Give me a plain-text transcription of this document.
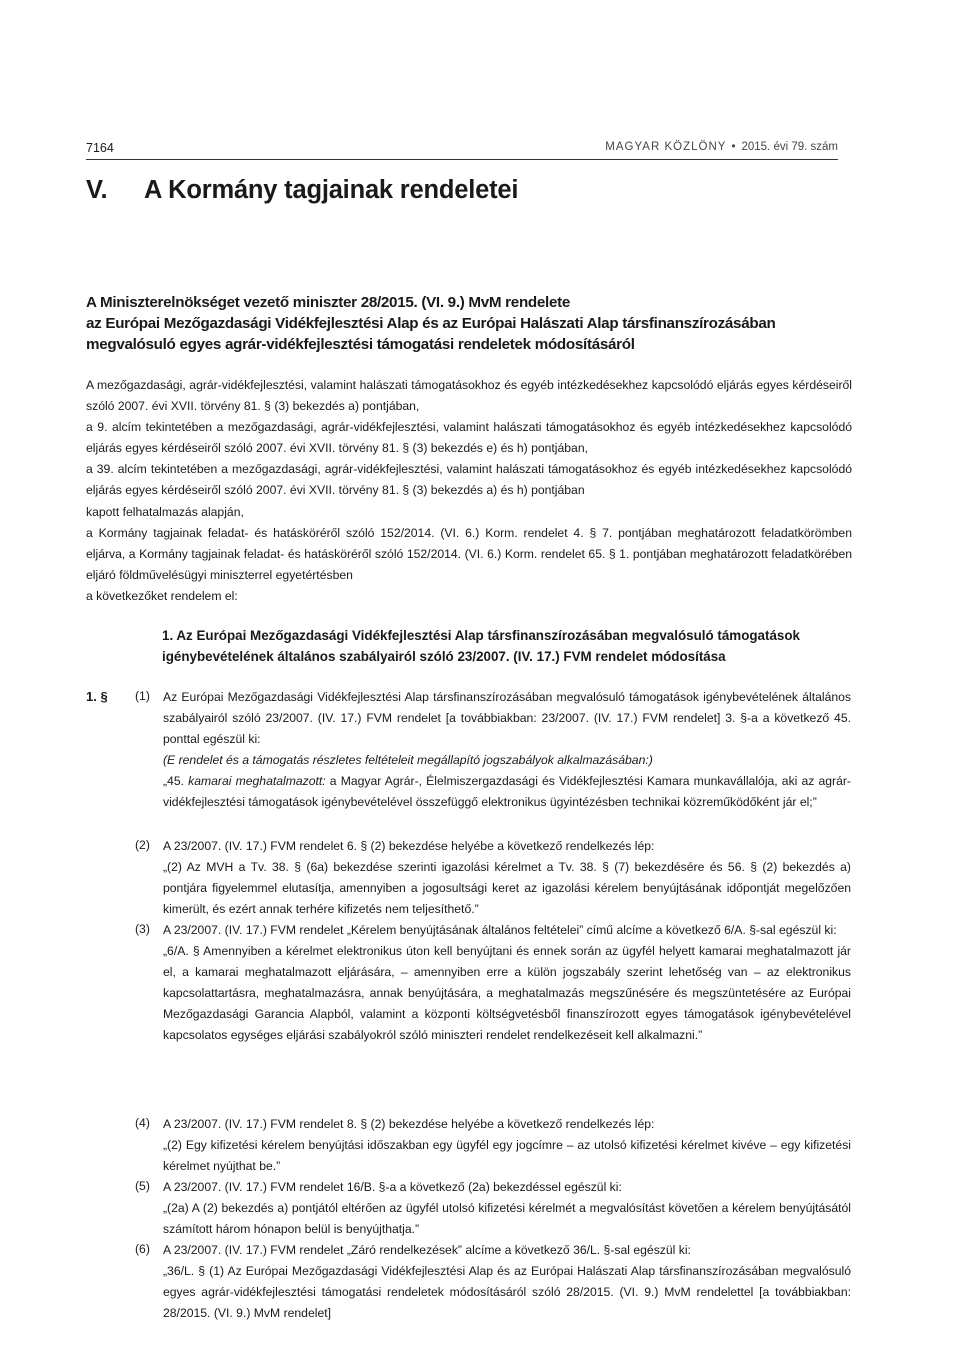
7164	MAGYAR KÖZLÖNY • 2015. évi 79. szám
V. A Kormány tagjainak rendeletei
A Miniszterelnökséget vezető miniszter 28/2015. (VI. 9.) MvM rendelete
az Európai Mezőgazdasági Vidékfejlesztési Alap és az Európai Halászati Alap társfinanszírozásában
megvalósuló egyes agrár-vidékfejlesztési támogatási rendeletek módosításáról

A mezőgazdasági, agrár-vidékfejlesztési, valamint halászati támogatásokhoz és egyéb intézkedésekhez kapcsolódó eljárás egyes kérdéseiről szóló 2007. évi XVII. törvény 81. § (3) bekezdés a) pontjában,

a 9. alcím tekintetében a mezőgazdasági, agrár-vidékfejlesztési, valamint halászati támogatásokhoz és egyéb intézkedésekhez kapcsolódó eljárás egyes kérdéseiről szóló 2007. évi XVII. törvény 81. § (3) bekezdés e) és h) pontjában,

a 39. alcím tekintetében a mezőgazdasági, agrár-vidékfejlesztési, valamint halászati támogatásokhoz és egyéb intézkedésekhez kapcsolódó eljárás egyes kérdéseiről szóló 2007. évi XVII. törvény 81. § (3) bekezdés a) és h) pontjában

kapott felhatalmazás alapján,

a Kormány tagjainak feladat- és hatásköréről szóló 152/2014. (VI. 6.) Korm. rendelet 4. § 7. pontjában meghatározott feladatkörömben eljárva, a Kormány tagjainak feladat- és hatásköréről szóló 152/2014. (VI. 6.) Korm. rendelet 65. § 1. pontjában meghatározott feladatkörében eljáró földművelésügyi miniszterrel egyetértésben

a következőket rendelem el:

1. Az Európai Mezőgazdasági Vidékfejlesztési Alap társfinanszírozásában megvalósuló támogatások igénybevételének általános szabályairól szóló 23/2007. (IV. 17.) FVM rendelet módosítása
1. § (1) Az Európai Mezőgazdasági Vidékfejlesztési Alap társfinanszírozásában megvalósuló támogatások igénybevételének általános szabályairól szóló 23/2007. (IV. 17.) FVM rendelet [a továbbiakban: 23/2007. (IV. 17.) FVM rendelet] 3. §-a a következő 45. ponttal egészül ki:

(E rendelet és a támogatás részletes feltételeit megállapító jogszabályok alkalmazásában:)

„45. kamarai meghatalmazott: a Magyar Agrár-, Élelmiszergazdasági és Vidékfejlesztési Kamara munkavállalója, aki az agrár-vidékfejlesztési támogatások igénybevételével összefüggő elektronikus ügyintézésben technikai közreműködőként jár el;”

(2) A 23/2007. (IV. 17.) FVM rendelet 6. § (2) bekezdése helyébe a következő rendelkezés lép:

„(2) Az MVH a Tv. 38. § (6a) bekezdése szerinti igazolási kérelmet a Tv. 38. § (7) bekezdésére és 56. § (2) bekezdés a) pontjára figyelemmel elutasítja, amennyiben a jogosultsági keret az igazolási kérelem benyújtásának időpontját megelőzően kimerült, és ezért annak terhére kifizetés nem teljesíthető.”

(3) A 23/2007. (IV. 17.) FVM rendelet „Kérelem benyújtásának általános feltételei” című alcíme a következő 6/A. §-sal egészül ki:

„6/A. § Amennyiben a kérelmet elektronikus úton kell benyújtani és ennek során az ügyfél helyett kamarai meghatalmazott jár el, a kamarai meghatalmazott eljárására, – amennyiben erre a külön jogszabály szerint lehetőség van – az elektronikus kapcsolattartásra, meghatalmazásra, annak benyújtására, a meghatalmazás megszűnésére és megszüntetésére az Európai Mezőgazdasági Garancia Alapból, valamint a központi költségvetésből finanszírozott egyes támogatások igénybevételével kapcsolatos egységes eljárási szabályokról szóló miniszteri rendelet rendelkezéseit kell alkalmazni.”

(4) A 23/2007. (IV. 17.) FVM rendelet 8. § (2) bekezdése helyébe a következő rendelkezés lép:

„(2) Egy kifizetési kérelem benyújtási időszakban egy ügyfél egy jogcímre – az utolsó kifizetési kérelmet kivéve – egy kifizetési kérelmet nyújthat be.”

(5) A 23/2007. (IV. 17.) FVM rendelet 16/B. §-a a következő (2a) bekezdéssel egészül ki:

„(2a) A (2) bekezdés a) pontjától eltérően az ügyfél utolsó kifizetési kérelmét a megvalósítást követően a kérelem benyújtásától számított három hónapon belül is benyújthatja.”

(6) A 23/2007. (IV. 17.) FVM rendelet „Záró rendelkezések” alcíme a következő 36/L. §-sal egészül ki:

„36/L. § (1) Az Európai Mezőgazdasági Vidékfejlesztési Alap és az Európai Halászati Alap társfinanszírozásában megvalósuló egyes agrár-vidékfejlesztési támogatási rendeletek módosításáról szóló 28/2015. (VI. 9.) MvM rendelettel [a továbbiakban: 28/2015. (VI. 9.) MvM rendelet]
